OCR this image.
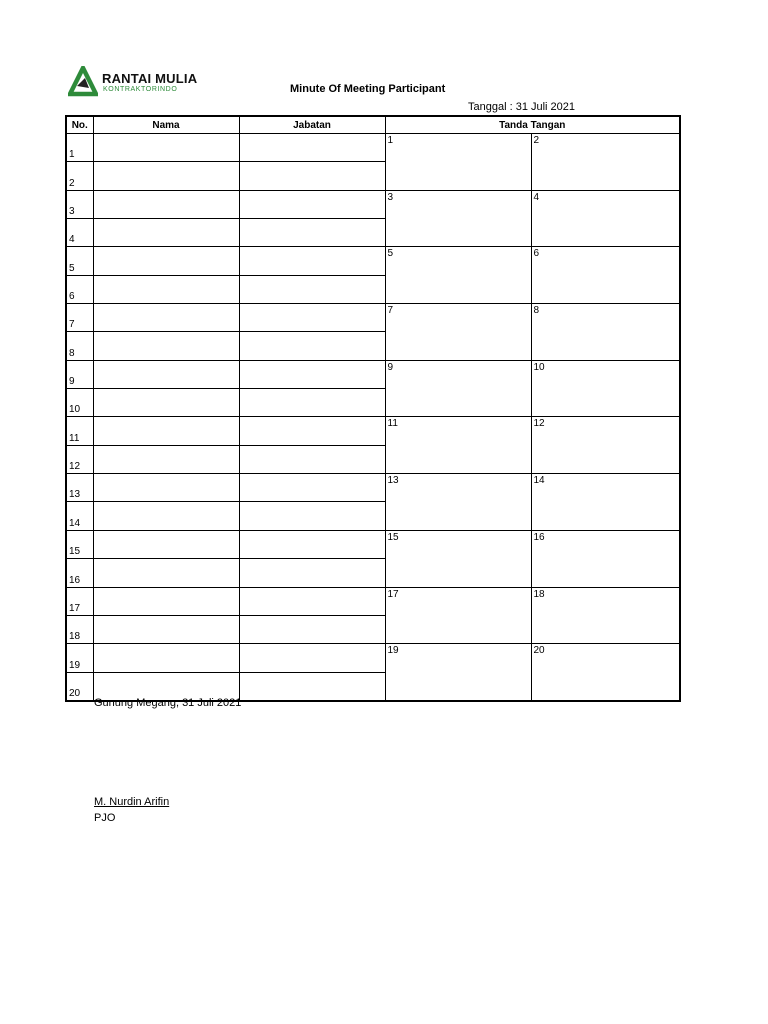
RANTAI MULIA
KONTRAKTORINDO	Minute Of Meeting Participant
Tanggal : 31 Juli 2021
No.	Nama	Jabatan	Tanda Tangan	
1			1	2
2				
3			3	4
4				
5			5	6
6				
7			7	8
8				
9			9	10
10				
11			11	12
12				
13			13	14
14				
15			15	16
16				
17			17	18
18				
19			19	20
20				
Gunung Megang, 31 Juli 2021
M. Nurdin Arifin
PJO
